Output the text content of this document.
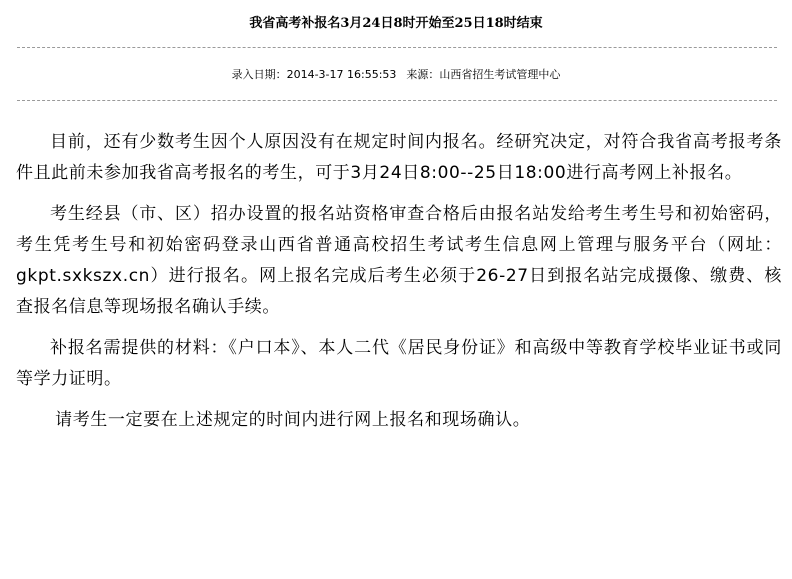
我省高考补报名3月24日8时开始至25日18时结束
录入日期：2014-3-17 16:55:53 来源：山西省招生考试管理中心

目前，还有少数考生因个人原因没有在规定时间内报名。经研究决定，对符合我省高考报考条件且此前未参加我省高考报名的考生，可于3月24日8:00--25日18:00进行高考网上补报名。

考生经县（市、区）招办设置的报名站资格审查合格后由报名站发给考生考生号和初始密码，考生凭考生号和初始密码登录山西省普通高校招生考试考生信息网上管理与服务平台（网址：gkpt.sxkszx.cn）进行报名。网上报名完成后考生必须于26-27日到报名站完成摄像、缴费、核查报名信息等现场报名确认手续。

补报名需提供的材料：《户口本》、本人二代《居民身份证》和高级中等教育学校毕业证书或同等学力证明。

请考生一定要在上述规定的时间内进行网上报名和现场确认。
